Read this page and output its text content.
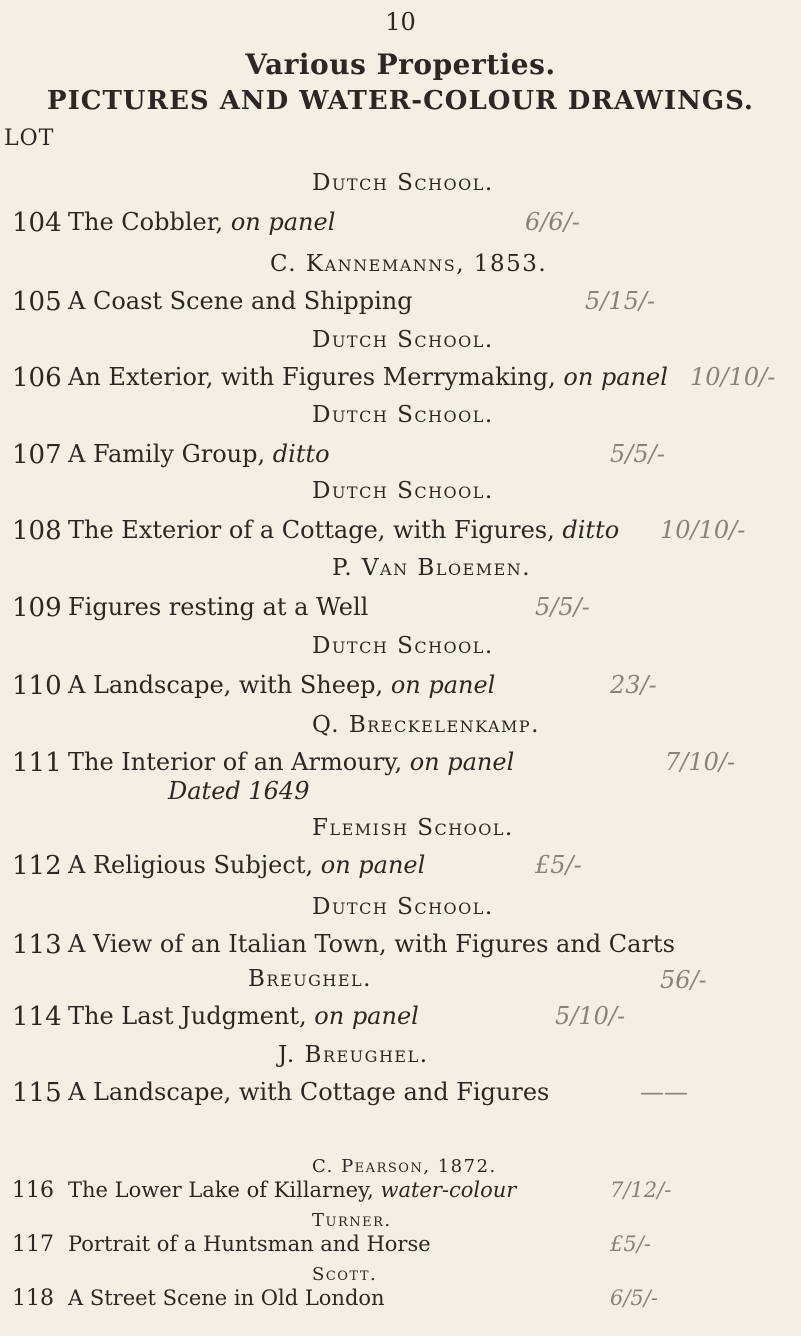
10
Various Properties.
PICTURES AND WATER-COLOUR DRAWINGS.
LOT
Dutch School.
104 The Cobbler, on panel	6/6/-
C. Kannemanns, 1853.
105 A Coast Scene and Shipping	5/15/-
Dutch School.
106 An Exterior, with Figures Merrymaking, on panel 10/10/-
Dutch School.
107 A Family Group, ditto	5/5/-
Dutch School.
108 The Exterior of a Cottage, with Figures, ditto 10/10/-
P. Van Bloemen.
109 Figures resting at a Well	5/5/-
Dutch School.
110 A Landscape, with Sheep, on panel	23/-
Q. Breckelenkamp.
111 The Interior of an Armoury, on panel	7/10/-
Dated 1649
Flemish School.
112 A Religious Subject, on panel	£5/-
Dutch School.
113 A View of an Italian Town, with Figures and Carts
Breughel.	56/-
114 The Last Judgment, on panel	5/10/-
J. Breughel.
115 A Landscape, with Cottage and Figures	——
C. Pearson, 1872.
116 The Lower Lake of Killarney, water-colour	7/12/-
Turner.
117 Portrait of a Huntsman and Horse	£5/-
Scott.
118 A Street Scene in Old London	6/5/-
